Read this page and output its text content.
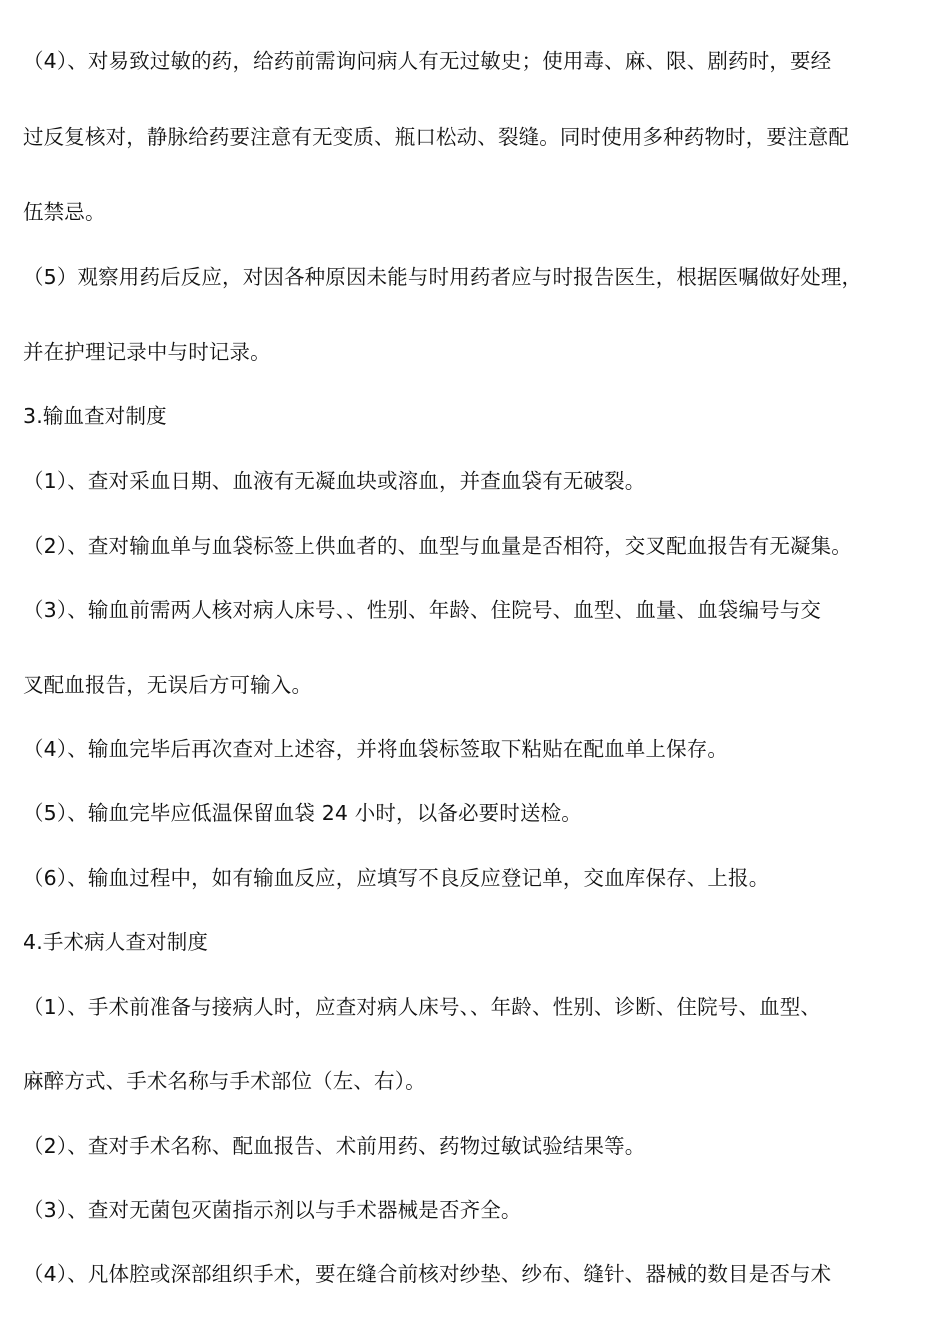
（4）、对易致过敏的药，给药前需询问病人有无过敏史；使用毒、麻、限、剧药时，要经
过反复核对，静脉给药要注意有无变质、瓶口松动、裂缝。同时使用多种药物时，要注意配
伍禁忌。
（5）观察用药后反应，对因各种原因未能与时用药者应与时报告医生，根据医嘱做好处理，
并在护理记录中与时记录。
3.输血查对制度
（1）、查对采血日期、血液有无凝血块或溶血，并查血袋有无破裂。
（2）、查对输血单与血袋标签上供血者的、血型与血量是否相符，交叉配血报告有无凝集。
（3）、输血前需两人核对病人床号、、性别、年龄、住院号、血型、血量、血袋编号与交
叉配血报告，无误后方可输入。
（4）、输血完毕后再次查对上述容，并将血袋标签取下粘贴在配血单上保存。
（5）、输血完毕应低温保留血袋 24 小时，以备必要时送检。
（6）、输血过程中，如有输血反应，应填写不良反应登记单，交血库保存、上报。
4.手术病人查对制度
（1）、手术前准备与接病人时，应查对病人床号、、年龄、性别、诊断、住院号、血型、
麻醉方式、手术名称与手术部位（左、右）。
（2）、查对手术名称、配血报告、术前用药、药物过敏试验结果等。
（3）、查对无菌包灭菌指示剂以与手术器械是否齐全。
（4）、凡体腔或深部组织手术，要在缝合前核对纱垫、纱布、缝针、器械的数目是否与术
